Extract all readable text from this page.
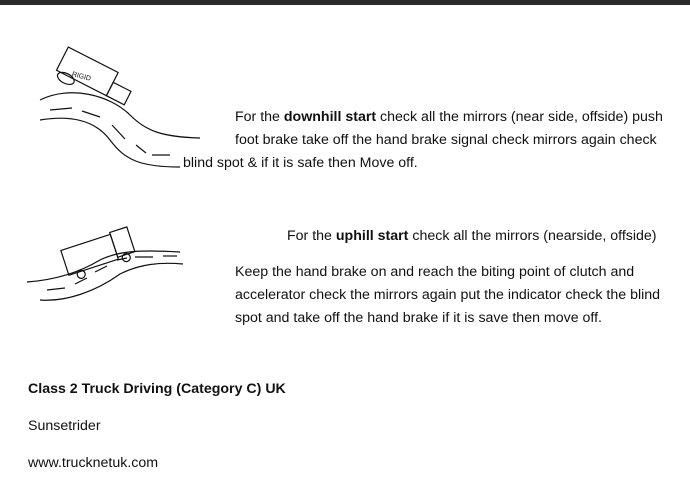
RIGID

For the downhill start check all the mirrors (near side, offside) push

foot brake take off the hand brake signal check mirrors again check

blind spot & if it is safe then Move off.

For the uphill start check all the mirrors (nearside, offside)

Keep the hand brake on and reach the biting point of clutch and

accelerator check the mirrors again put the indicator check the blind

spot and take off the hand brake if it is save then move off.

Class 2 Truck Driving (Category C) UK

Sunsetrider

www.trucknetuk.com
